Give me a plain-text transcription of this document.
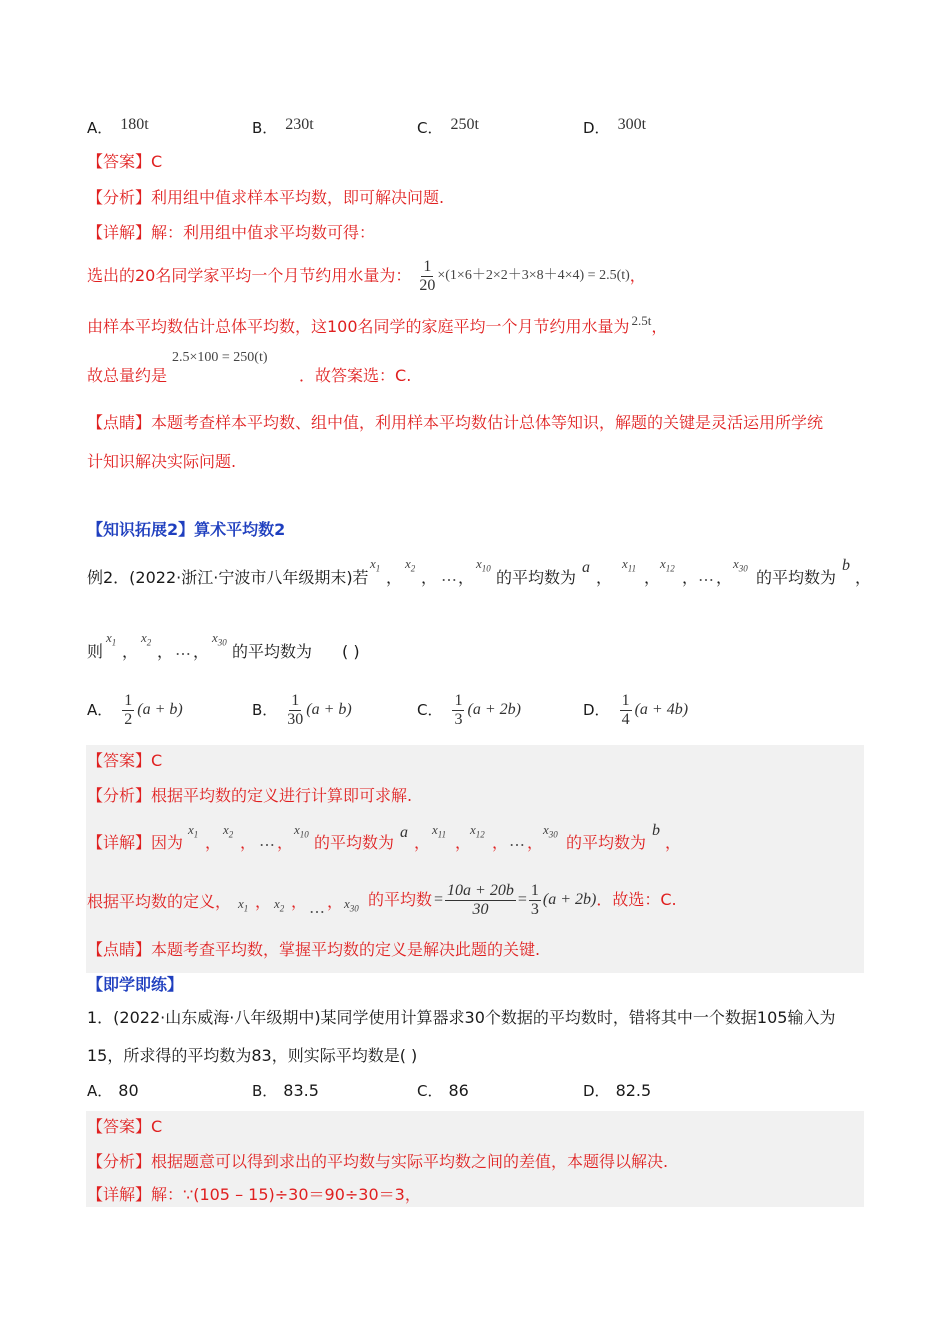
A． 180t	B． 230t	C． 250t	D． 300t
【答案】C
【分析】利用组中值求样本平均数，即可解决问题.
【详解】解：利用组中值求平均数可得：
选出的20名同学家平均一个月节约用水量为： $\frac{1}{20} \times(1\times 6+2\times 2+3\times 8+4\times 4) = 2.5(t)$ ，
由样本平均数估计总体平均数，这100名同学的家庭平均一个月节约用水量为 $^{2.5t}$，
2.5×100 = 250(t)
故总量约是	．故答案选：C.
【点睛】本题考查样本平均数、组中值，利用样本平均数估计总体等知识，解题的关键是灵活运用所学统
计知识解决实际问题.
【知识拓展2】算术平均数2
例2．(2022·浙江·宁波市八年级期末)若
$x_1$ ，
$x_2$ ， … ，
$x_{10}$ 的平均数为
a
，
$x_{11}$ ，
$x_{12}$ ， … ，
$x_{30}$ 的平均数为
b
，
则
$x_1$ ，
$x_2$ ， … ，
$x_{30}$ 的平均数为 ( )
A． $\frac{1}{2} (a + b)$	B． $\frac{1}{30} (a + b)$	C． $\frac{1}{3} (a + 2b)$	D． $\frac{1}{4} (a + 4b)$
【答案】C
【分析】根据平均数的定义进行计算即可求解.
【详解】因为
$x_1$ ，
$x_2$ ， … ，
$x_{10}$ 的平均数为
a
，
$x_{11}$ ，
$x_{12}$ ， … ，
$x_{30}$ 的平均数为
b
，
根据平均数的定义， $x_1$ ， $x_2$ ， … ， $x_{30}$ 的平均数 = $\frac{10a + 20b}{30} = \frac{1}{3} (a + 2b)$ ．故选：C.
【点睛】本题考查平均数，掌握平均数的定义是解决此题的关键.
【即学即练】
1．(2022·山东威海·八年级期中)某同学使用计算器求30个数据的平均数时，错将其中一个数据105输入为
15，所求得的平均数为83，则实际平均数是( )
A． 80	B． 83.5	C． 86	D． 82.5
【答案】C
【分析】根据题意可以得到求出的平均数与实际平均数之间的差值，本题得以解决.
【详解】解：∵(105 – 15)÷30＝90÷30＝3，
